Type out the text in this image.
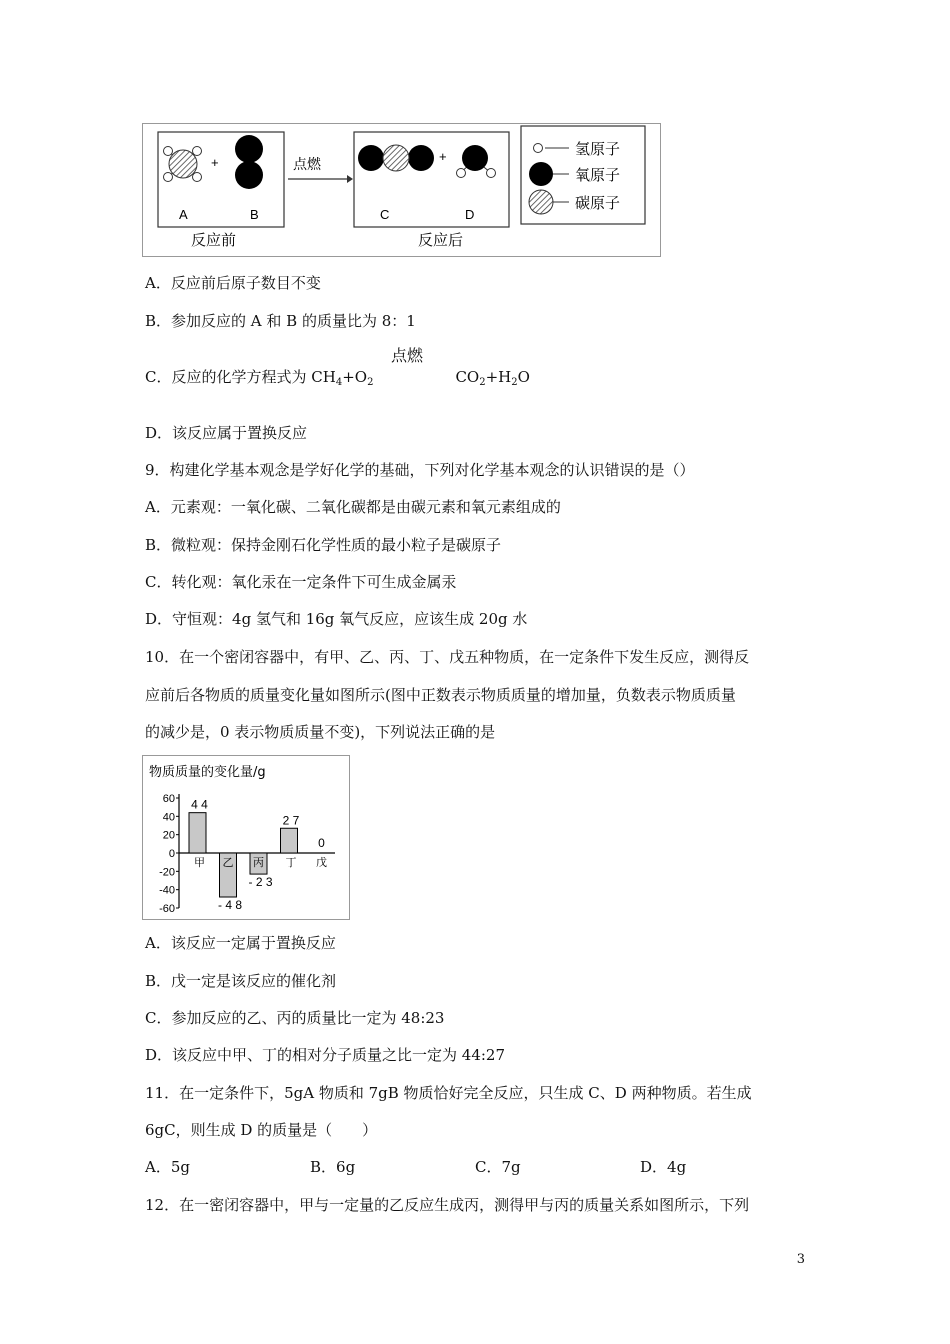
+
A	B
反应前
点燃
+
C	D
反应后
氢原子
氧原子
碳原子
A．反应前后原子数目不变
B．参加反应的 A 和 B 的质量比为 8：1
C．反应的化学方程式为 $CH_4+O_2$	$CO_2+H_2O$
点燃
D．该反应属于置换反应
9．构建化学基本观念是学好化学的基础，下列对化学基本观念的认识错误的是（）
A．元素观：一氧化碳、二氧化碳都是由碳元素和氧元素组成的
B．微粒观：保持金刚石化学性质的最小粒子是碳原子
C．转化观：氧化汞在一定条件下可生成金属汞
D．守恒观：4g 氢气和 16g 氧气反应，应该生成 20g 水
10．在一个密闭容器中，有甲、乙、丙、丁、戊五种物质，在一定条件下发生反应，测得反
应前后各物质的质量变化量如图所示(图中正数表示物质质量的增加量，负数表示物质质量
的减少是，0 表示物质质量不变)，下列说法正确的是
物质质量的变化量/g
60
40
20
0
-20
-40
-60
甲
4 4
乙
- 4 8
丙
- 2 3
丁
2 7
戊
0
A．该反应一定属于置换反应
B．戊一定是该反应的催化剂
C．参加反应的乙、丙的质量比一定为 48:23
D．该反应中甲、丁的相对分子质量之比一定为 44:27
11．在一定条件下，5gA 物质和 7gB 物质恰好完全反应，只生成 C、D 两种物质。若生成
6gC，则生成 D 的质量是（　　）
A．5g	B．6g	C．7g	D．4g
12．在一密闭容器中，甲与一定量的乙反应生成丙，测得甲与丙的质量关系如图所示，下列
3
